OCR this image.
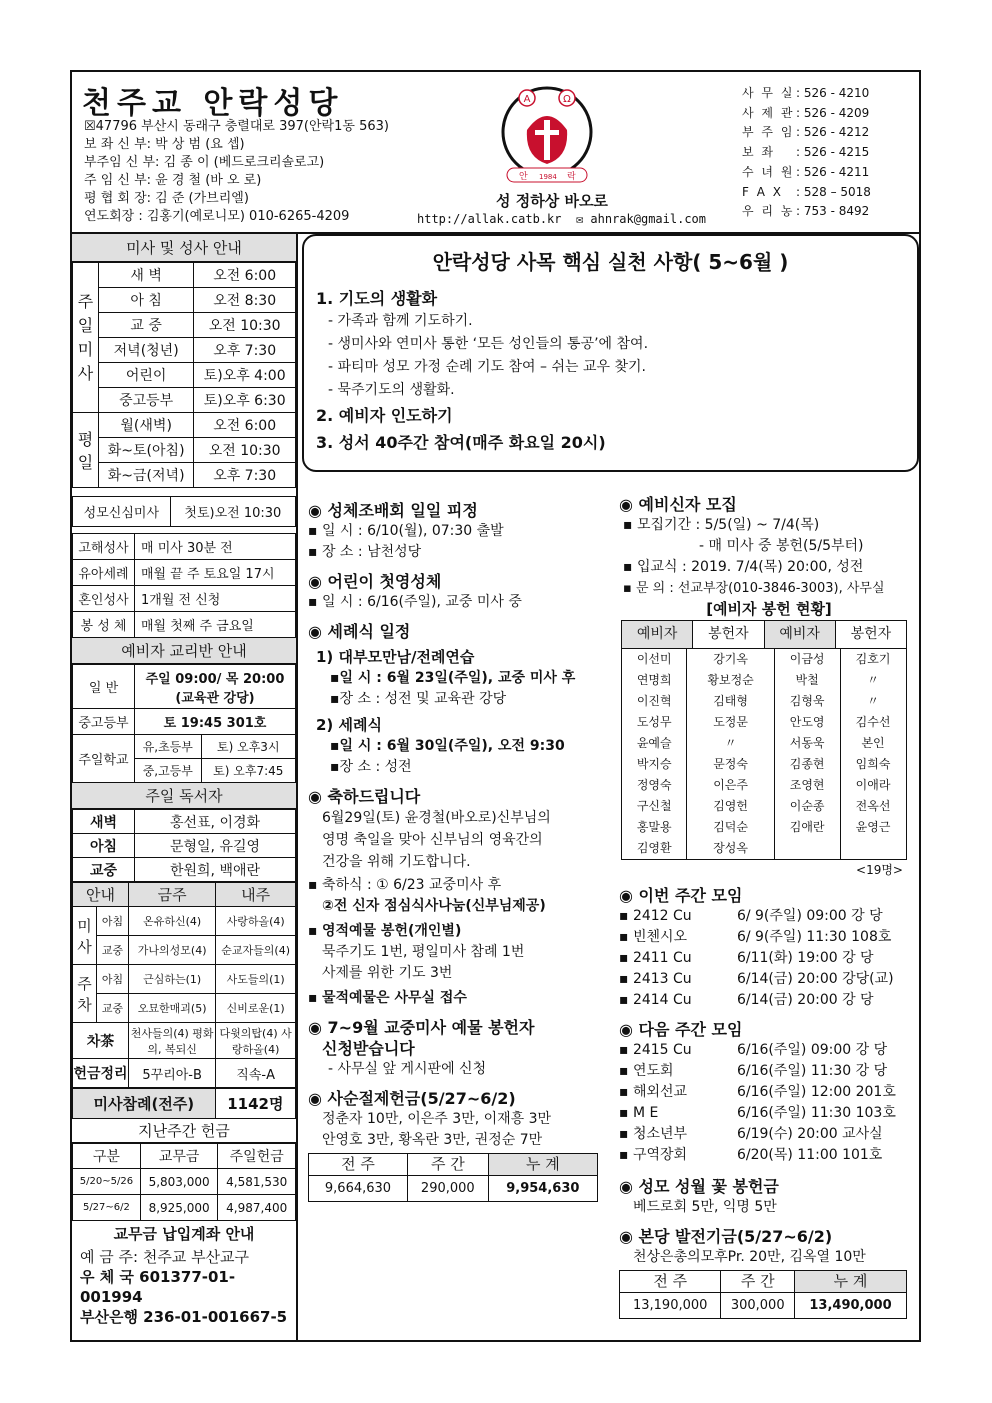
천주교 안락성당
☒47796 부산시 동래구 충렬대로 397(안락1동 563)
보 좌 신 부: 박 상 범 (요 셉)
부주임 신 부: 김 종 이 (베드로크리솔로고)
주 임 신 부: 윤 경 철 (바 오 로)
평 협 회 장: 김 준 (가브리엘)
연도회장 : 김홍기(예로니모) 010-6265-4209
A	Ω
안 1984 락
성 정하상 바오로
http://allak.catb.kr ✉ ahnrak@gmail.com
사 무 실 : 526 - 4210
사 제 관 : 526 - 4209
부 주 임 : 526 - 4212
보 좌 : 526 - 4215
수 녀 원 : 526 - 4211
F A X : 528 – 5018
우 리 농 : 753 - 8492
미사 및 성사 안내
주
일
미
사	새 벽	오전 6:00
	아 침	오전 8:30
	교 중	오전 10:30
	저녁(청년)	오후 7:30
	어린이	토)오후 4:00
	중고등부	토)오후 6:30
평
일	월(새벽)	오전 6:00
	화~토(아침)	오전 10:30
	화~금(저녁)	오후 7:30
성모신심미사	첫토)오전 10:30
고해성사	매 미사 30분 전
유아세례	매월 끝 주 토요일 17시
혼인성사	1개월 전 신청
봉 성 체	매월 첫째 주 금요일
예비자 교리반 안내
일 반	주일 09:00/ 목 20:00 (교육관 강당)	
중고등부	토 19:45 301호	
주일학교	유,초등부	토) 오후3시
	중,고등부	토) 오후7:45
주일 독서자
새벽	홍선표, 이경화
아침	문형일, 유길영
교중	한원희, 백애란
안내		금주	내주
미
사	아침	온유하신(4)	사랑하올(4)
	교중	가나의성모(4)	순교자들의(4)
주
차	아침	근심하는(1)	사도들의(1)
	교중	오묘한매괴(5)	신비로운(1)
차茶		천사들의(4) 평화의, 복되신	다윗의탑(4) 사랑하올(4)
헌금정리		5꾸리아-B	직속-A
미사참례(전주)	1142명
지난주간 헌금
구분	교무금	주일헌금
5/20~5/26	5,803,000	4,581,530
5/27~6/2	8,925,000	4,987,400
교무금 납입계좌 안내
예 금 주: 천주교 부산교구
우 체 국 601377-01-001994
부산은행 236-01-001667-5
안락성당 사목 핵심 실천 사항( 5~6월 )
1. 기도의 생활화
- 가족과 함께 기도하기.
- 생미사와 연미사 통한 ‘모든 성인들의 통공’에 참여.
- 파티마 성모 가정 순례 기도 참여 – 쉬는 교우 찾기.
- 묵주기도의 생활화.
2. 예비자 인도하기
3. 성서 40주간 참여(매주 화요일 20시)
◉ 성체조배회 일일 피정
▪ 일 시 : 6/10(월), 07:30 출발
▪ 장 소 : 남천성당
◉ 어린이 첫영성체
▪ 일 시 : 6/16(주일), 교중 미사 중
◉ 세례식 일정
1) 대부모만남/전례연습
▪일 시 : 6월 23일(주일), 교중 미사 후
▪장 소 : 성전 및 교육관 강당
2) 세례식
▪일 시 : 6월 30일(주일), 오전 9:30
▪장 소 : 성전
◉ 축하드립니다
6월29일(토) 윤경철(바오로)신부님의
영명 축일을 맞아 신부님의 영육간의
건강을 위해 기도합니다.
▪ 축하식 : ① 6/23 교중미사 후
②전 신자 점심식사나눔(신부님제공)
▪ 영적예물 봉헌(개인별)
묵주기도 1번, 평일미사 참례 1번
사제를 위한 기도 3번
▪ 물적예물은 사무실 접수
◉ 7~9월 교중미사 예물 봉헌자
신청받습니다
- 사무실 앞 게시판에 신청
◉ 사순절제헌금(5/27~6/2)
정춘자 10만, 이은주 3만, 이재흥 3만
안영호 3만, 황옥란 3만, 권정순 7만
전 주	주 간	누 계
9,664,630	290,000	9,954,630
◉ 예비신자 모집
▪ 모집기간 : 5/5(일) ~ 7/4(목)
- 매 미사 중 봉헌(5/5부터)
▪ 입교식 : 2019. 7/4(목) 20:00, 성전
▪ 문 의 : 선교부장(010-3846-3003), 사무실
[예비자 봉헌 현황]
예비자	봉헌자	예비자	봉헌자

이선미	강기옥	이금성	김호기
연명희	황보정순	박철	〃
이진혁	김태형	김형욱	〃
도성무	도정문	안도영	김수선
윤예슬	〃	서동욱	본인
박지승	문정숙	김종현	임희숙
정영숙	이은주	조영현	이애라
구신철	김영헌	이순종	전옥선
홍말용	김덕순	김애란	윤영근
김영환	장성옥		
<19명>
◉ 이번 주간 모임
▪ 2412 Cu	6/ 9(주일) 09:00 강 당
▪ 빈첸시오	6/ 9(주일) 11:30 108호
▪ 2411 Cu	6/11(화) 19:00 강 당
▪ 2413 Cu	6/14(금) 20:00 강당(교)
▪ 2414 Cu	6/14(금) 20:00 강 당
◉ 다음 주간 모임
▪ 2415 Cu	6/16(주일) 09:00 강 당
▪ 연도회	6/16(주일) 11:30 강 당
▪ 해외선교	6/16(주일) 12:00 201호
▪ M E	6/16(주일) 11:30 103호
▪ 청소년부	6/19(수) 20:00 교사실
▪ 구역장회	6/20(목) 11:00 101호
◉ 성모 성월 꽃 봉헌금
베드로회 5만, 익명 5만
◉ 본당 발전기금(5/27~6/2)
천상은총의모후Pr. 20만, 김옥열 10만
전 주	주 간	누 계
13,190,000	300,000	13,490,000
